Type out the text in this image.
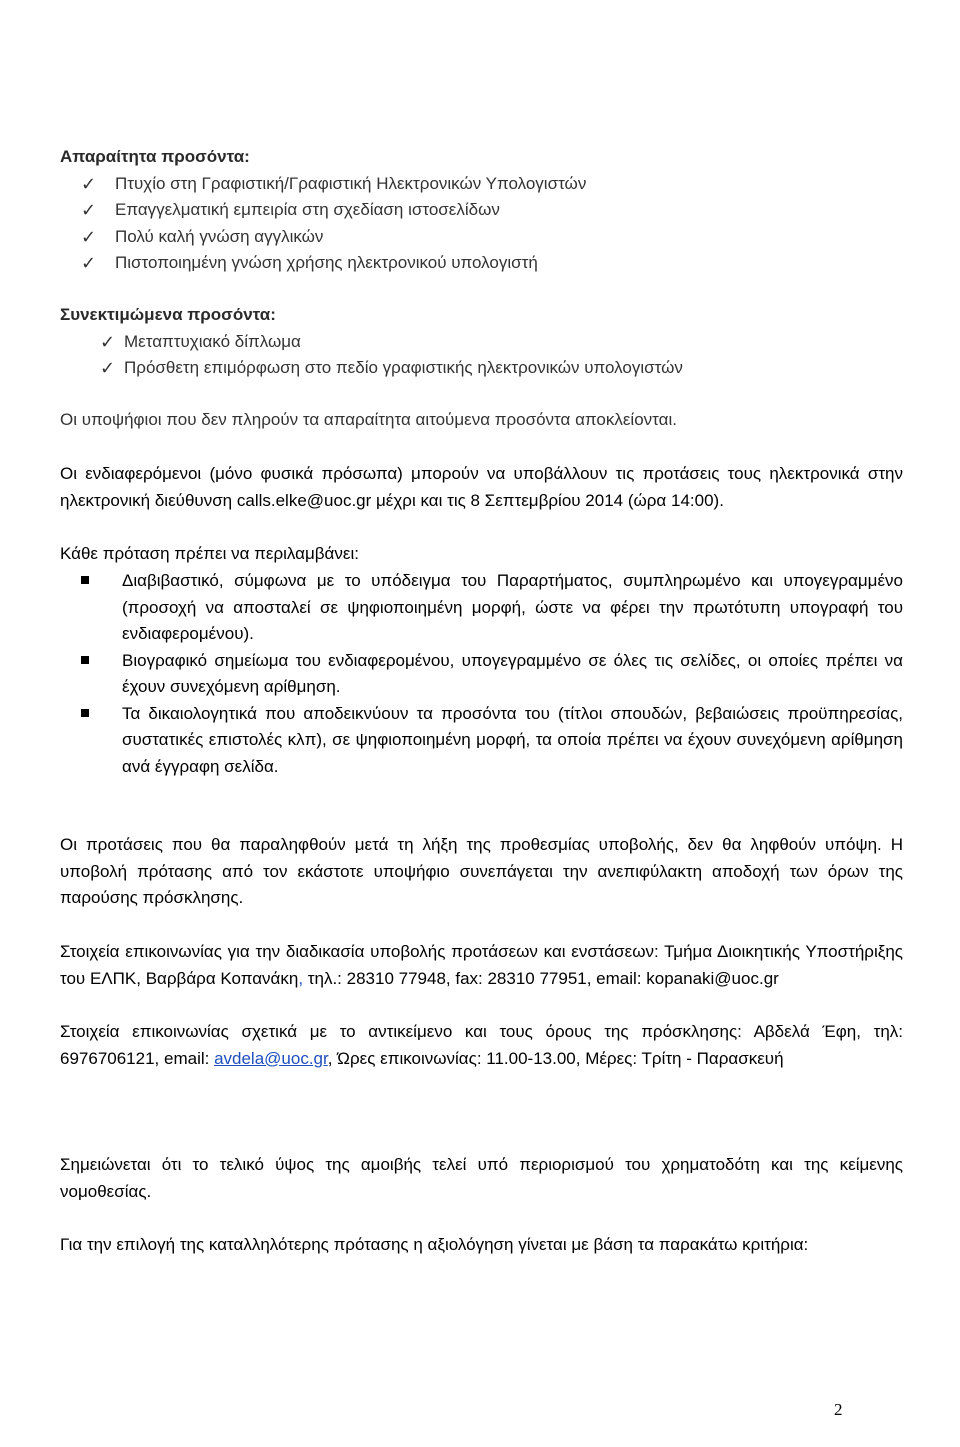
Απαραίτητα προσόντα:
✓ Πτυχίο στη Γραφιστική/Γραφιστική Ηλεκτρονικών Υπολογιστών
✓ Επαγγελματική εμπειρία στη σχεδίαση ιστοσελίδων
✓ Πολύ καλή γνώση αγγλικών
✓ Πιστοποιημένη γνώση χρήσης ηλεκτρονικού υπολογιστή
Συνεκτιμώμενα προσόντα:
✓ Μεταπτυχιακό δίπλωμα
✓ Πρόσθετη επιμόρφωση στο πεδίο γραφιστικής ηλεκτρονικών υπολογιστών
Οι υποψήφιοι που δεν πληρούν τα απαραίτητα αιτούμενα προσόντα αποκλείονται.
Οι ενδιαφερόμενοι (μόνο φυσικά πρόσωπα) μπορούν να υποβάλλουν τις προτάσεις τους ηλεκτρονικά στην ηλεκτρονική διεύθυνση calls.elke@uoc.gr μέχρι και τις 8 Σεπτεμβρίου 2014 (ώρα 14:00).
Κάθε πρόταση πρέπει να περιλαμβάνει:
Διαβιβαστικό, σύμφωνα με το υπόδειγμα του Παραρτήματος, συμπληρωμένο και υπογεγραμμένο (προσοχή να αποσταλεί σε ψηφιοποιημένη μορφή, ώστε να φέρει την πρωτότυπη υπογραφή του ενδιαφερομένου).
Βιογραφικό σημείωμα του ενδιαφερομένου, υπογεγραμμένο σε όλες τις σελίδες, οι οποίες πρέπει να έχουν συνεχόμενη αρίθμηση.
Τα δικαιολογητικά που αποδεικνύουν τα προσόντα του (τίτλοι σπουδών, βεβαιώσεις προϋπηρεσίας, συστατικές επιστολές κλπ), σε ψηφιοποιημένη μορφή, τα οποία πρέπει να έχουν συνεχόμενη αρίθμηση ανά έγγραφη σελίδα.
Οι προτάσεις που θα παραληφθούν μετά τη λήξη της προθεσμίας υποβολής, δεν θα ληφθούν υπόψη. Η υποβολή πρότασης από τον εκάστοτε υποψήφιο συνεπάγεται την ανεπιφύλακτη αποδοχή των όρων της παρούσης πρόσκλησης.
Στοιχεία επικοινωνίας για την διαδικασία υποβολής προτάσεων και ενστάσεων: Τμήμα Διοικητικής Υποστήριξης του ΕΛΠΚ, Βαρβάρα Κοπανάκη, τηλ.: 28310 77948, fax: 28310 77951, email: kopanaki@uoc.gr
Στοιχεία επικοινωνίας σχετικά με το αντικείμενο και τους όρους της πρόσκλησης: Αβδελά Έφη, τηλ: 6976706121, email: avdela@uoc.gr, Ώρες επικοινωνίας: 11.00-13.00, Μέρες: Τρίτη - Παρασκευή
Σημειώνεται ότι το τελικό ύψος της αμοιβής τελεί υπό περιορισμού του χρηματοδότη και της κείμενης νομοθεσίας.
Για την επιλογή της καταλληλότερης πρότασης η αξιολόγηση γίνεται με βάση τα παρακάτω κριτήρια:
2
